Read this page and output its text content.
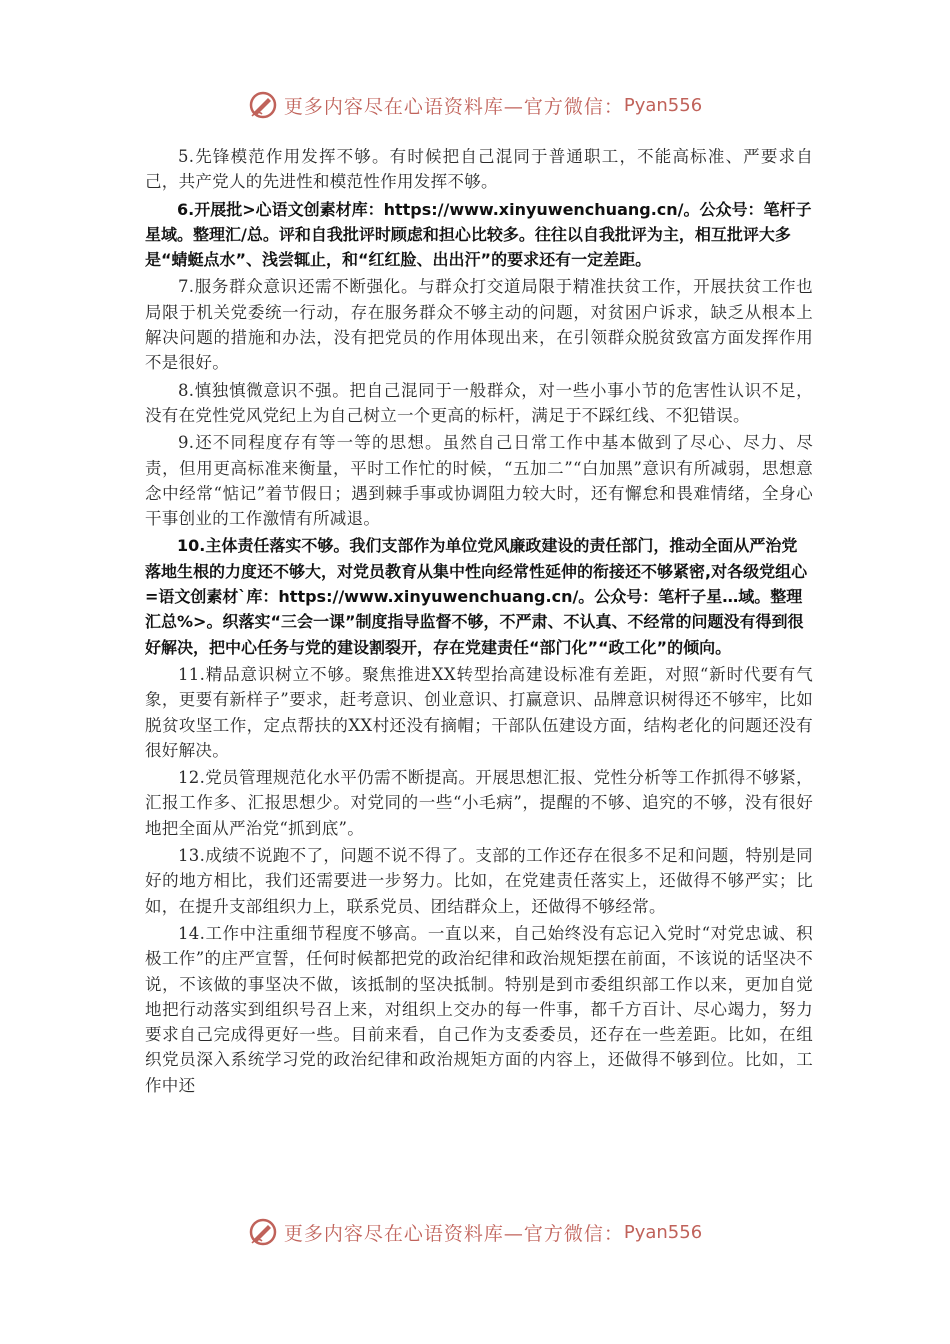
更多内容尽在心语资料库—官方微信： Pyan556

5.先锋模范作用发挥不够。有时候把自己混同于普通职工，不能高标准、严要求自己，共产党人的先进性和模范性作用发挥不够。

6.开展批>心语文创素材库：https://www.xinyuwenchuang.cn/。公众号：笔杆子星域。整理汇/总。评和自我批评时顾虑和担心比较多。往往以自我批评为主，相互批评大多是“蜻蜓点水”、浅尝辄止，和“红红脸、出出汗”的要求还有一定差距。

7.服务群众意识还需不断强化。与群众打交道局限于精准扶贫工作，开展扶贫工作也局限于机关党委统一行动，存在服务群众不够主动的问题，对贫困户诉求，缺乏从根本上解决问题的措施和办法，没有把党员的作用体现出来，在引领群众脱贫致富方面发挥作用不是很好。

8.慎独慎微意识不强。把自己混同于一般群众，对一些小事小节的危害性认识不足，没有在党性党风党纪上为自己树立一个更高的标杆，满足于不踩红线、不犯错误。

9.还不同程度存有等一等的思想。虽然自己日常工作中基本做到了尽心、尽力、尽责，但用更高标准来衡量，平时工作忙的时候，“五加二”“白加黑”意识有所减弱，思想意念中经常“惦记”着节假日；遇到棘手事或协调阻力较大时，还有懈怠和畏难情绪，全身心干事创业的工作激情有所减退。

10.主体责任落实不够。我们支部作为单位党风廉政建设的责任部门，推动全面从严治党落地生根的力度还不够大，对党员教育从集中性向经常性延伸的衔接还不够紧密,对各级党组心=语文创素材`库：https://www.xinyuwenchuang.cn/。公众号：笔杆子星…域。整理汇总%>。织落实“三会一课”制度指导监督不够，不严肃、不认真、不经常的问题没有得到很好解决，把中心任务与党的建设割裂开，存在党建责任“部门化”“政工化”的倾向。

11.精品意识树立不够。聚焦推进XX转型抬高建设标准有差距，对照“新时代要有气象，更要有新样子”要求，赶考意识、创业意识、打赢意识、品牌意识树得还不够牢，比如脱贫攻坚工作，定点帮扶的XX村还没有摘帽；干部队伍建设方面，结构老化的问题还没有很好解决。

12.党员管理规范化水平仍需不断提高。开展思想汇报、党性分析等工作抓得不够紧，汇报工作多、汇报思想少。对党同的一些“小毛病”，提醒的不够、追究的不够，没有很好地把全面从严治党“抓到底”。

13.成绩不说跑不了，问题不说不得了。支部的工作还存在很多不足和问题，特别是同好的地方相比，我们还需要进一步努力。比如，在党建责任落实上，还做得不够严实；比如，在提升支部组织力上，联系党员、团结群众上，还做得不够经常。

14.工作中注重细节程度不够高。一直以来，自己始终没有忘记入党时“对党忠诚、积极工作”的庄严宣誓，任何时候都把党的政治纪律和政治规矩摆在前面，不该说的话坚决不说，不该做的事坚决不做，该抵制的坚决抵制。特别是到市委组织部工作以来，更加自觉地把行动落实到组织号召上来，对组织上交办的每一件事，都千方百计、尽心竭力，努力要求自己完成得更好一些。目前来看，自己作为支委委员，还存在一些差距。比如，在组织党员深入系统学习党的政治纪律和政治规矩方面的内容上，还做得不够到位。比如，工作中还

更多内容尽在心语资料库—官方微信： Pyan556
